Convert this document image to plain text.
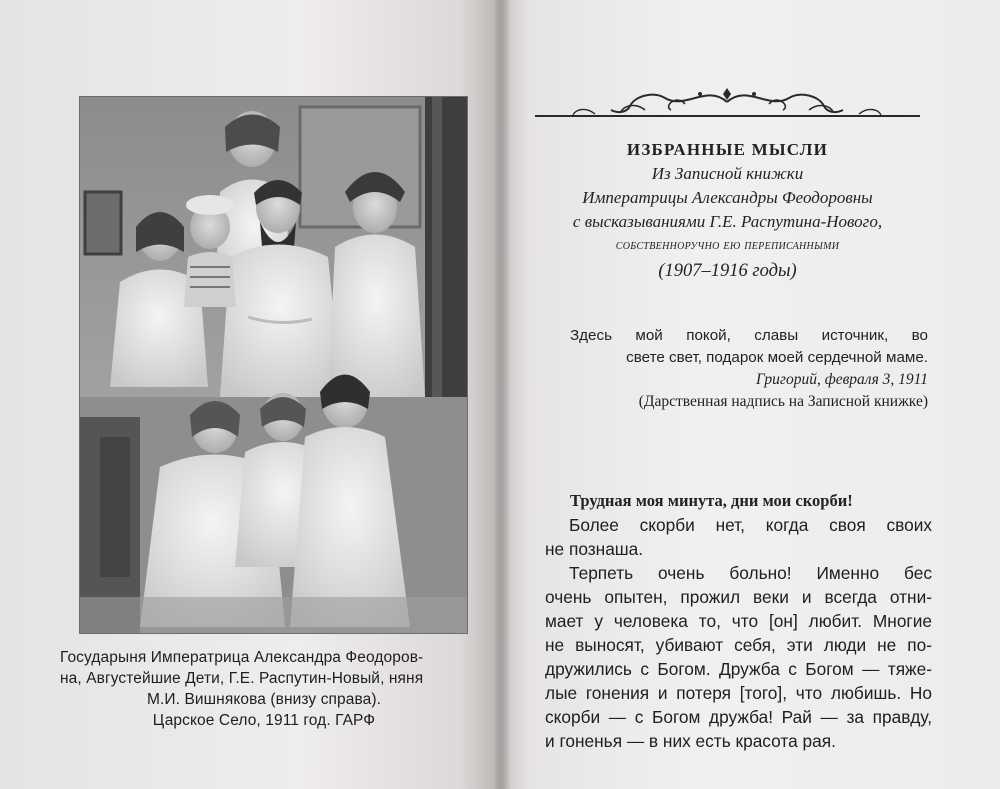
Государыня Императрица Александра Феодоров-
на, Августейшие Дети, Г.Е. Распутин-Новый, няня
М.И. Вишнякова (внизу справа).
Царское Село, 1911 год. ГАРФ
ИЗБРАННЫЕ МЫСЛИ
Из Записной книжки
Императрицы Александры Феодоровны
с высказываниями Г.Е. Распутина-Нового,
собственноручно ею переписанными
(1907–1916 годы)
Здесь мой покой, славы источник, во
свете свет, подарок моей сердечной маме.
Григорий, февраля 3, 1911
(Дарственная надпись на Записной книжке)
Трудная моя минута, дни мои скорби!
Более скорби нет, когда своя своих
не познаша.
Терпеть очень больно! Именно бес
очень опытен, прожил веки и всегда отни-
мает у человека то, что [он] любит. Многие
не выносят, убивают себя, эти люди не по-
дружились с Богом. Дружба с Богом — тяже-
лые гонения и потеря [того], что любишь. Но
скорби — с Богом дружба! Рай — за правду,
и гоненья — в них есть красота рая.
